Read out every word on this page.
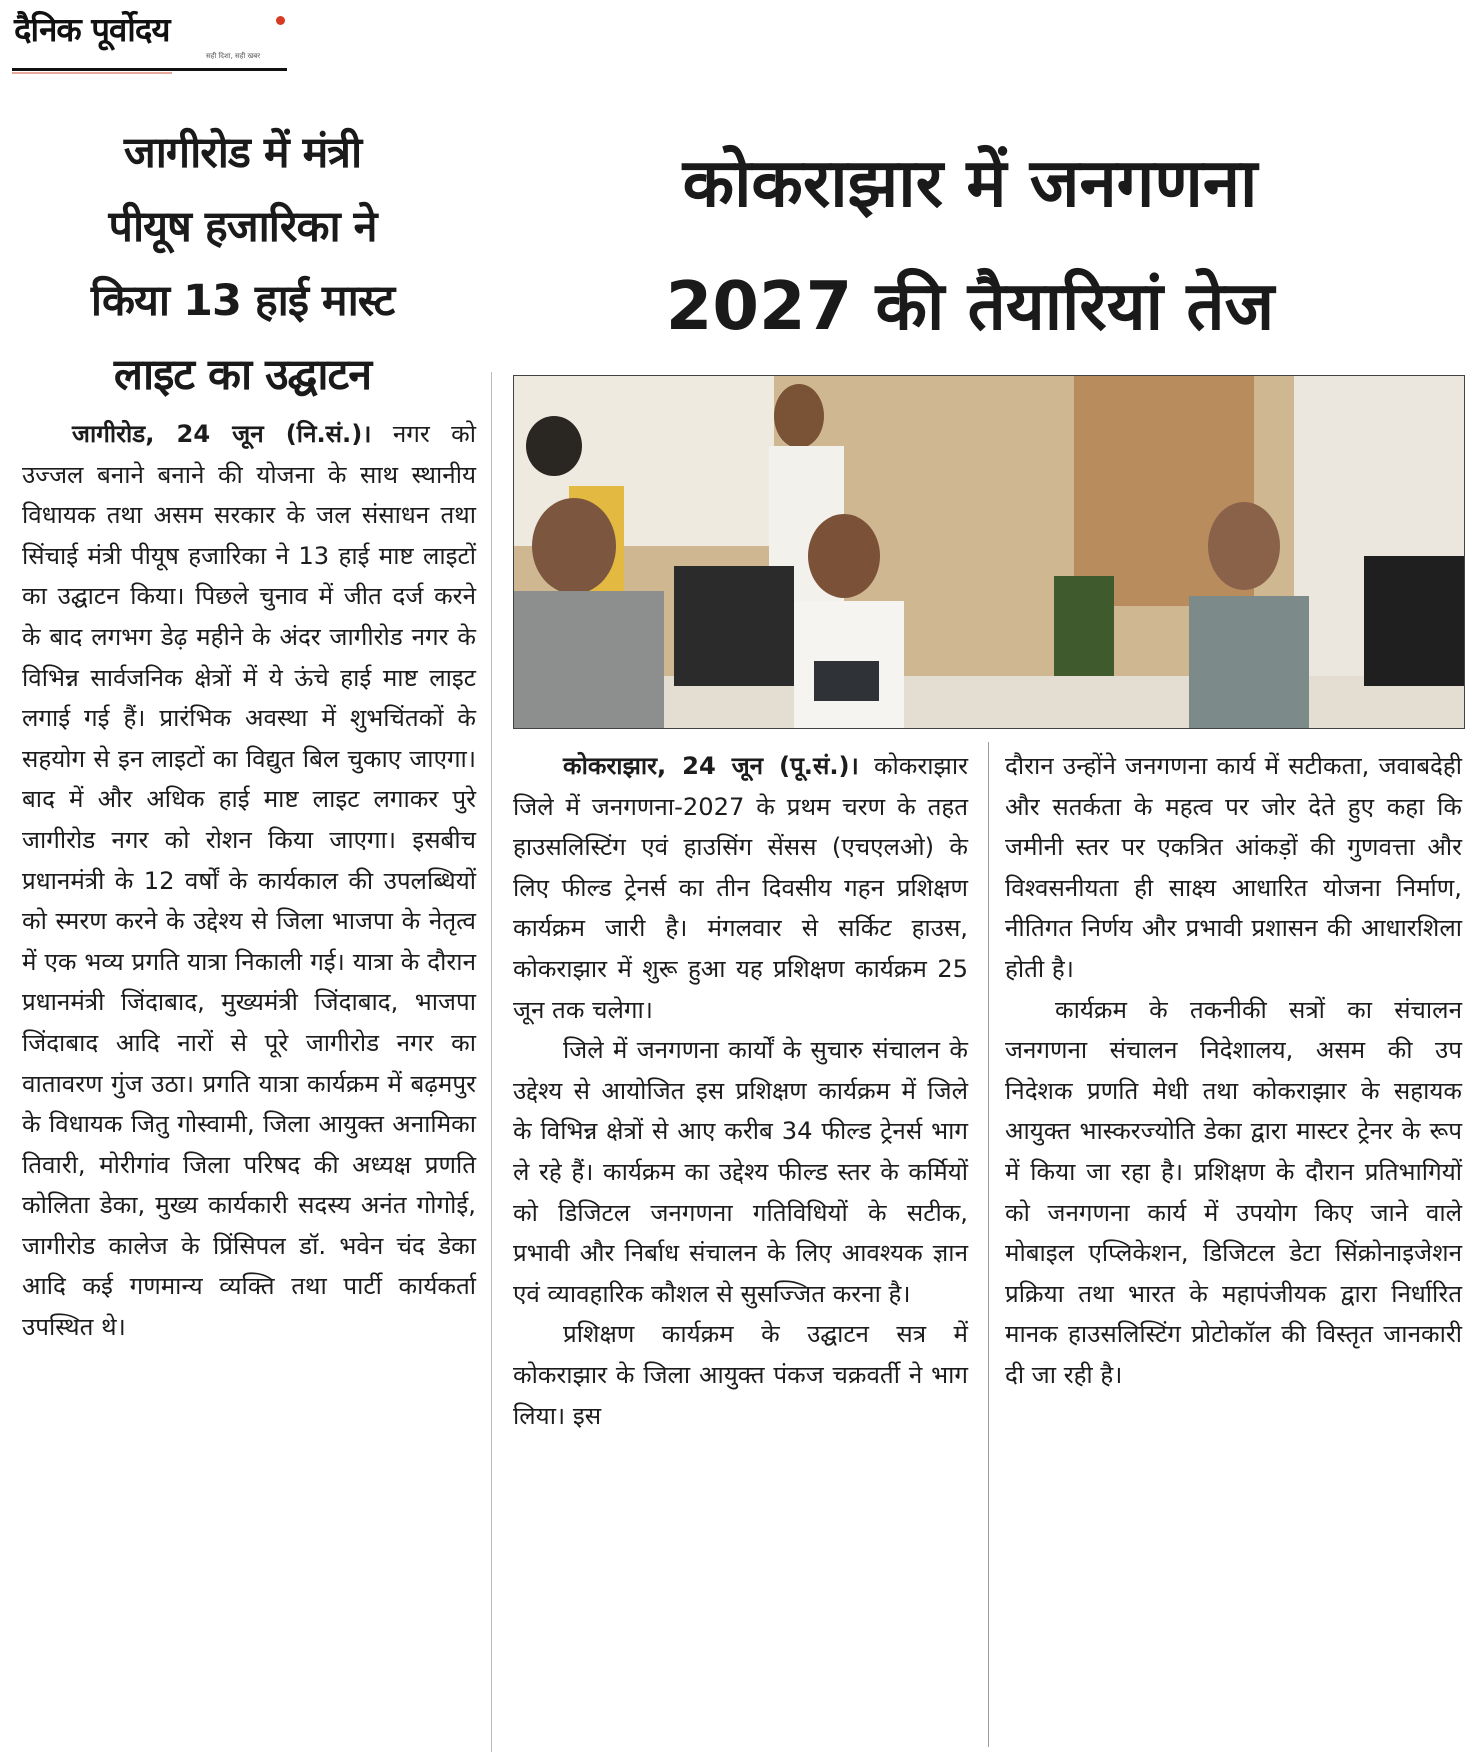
दैनिक पूर्वोदय
सही दिशा, सही खबर
जागीरोड में मंत्री
पीयूष हजारिका ने
किया 13 हाई मास्ट
लाइट का उद्घाटन
कोकराझार में जनगणना
2027 की तैयारियां तेज

जागीरोड, 24 जून (नि.सं.)। नगर को उज्जल बनाने बनाने की योजना के साथ स्थानीय विधायक तथा असम सरकार के जल संसाधन तथा सिंचाई मंत्री पीयूष हजारिका ने 13 हाई माष्ट लाइटों का उद्घाटन किया। पिछले चुनाव में जीत दर्ज करने के बाद लगभग डेढ़ महीने के अंदर जागीरोड नगर के विभिन्न सार्वजनिक क्षेत्रों में ये ऊंचे हाई माष्ट लाइट लगाई गई हैं। प्रारंभिक अवस्था में शुभचिंतकों के सहयोग से इन लाइटों का विद्युत बिल चुकाए जाएगा। बाद में और अधिक हाई माष्ट लाइट लगाकर पुरे जागीरोड नगर को रोशन किया जाएगा। इसबीच प्रधानमंत्री के 12 वर्षों के कार्यकाल की उपलब्धियों को स्मरण करने के उद्देश्य से जिला भाजपा के नेतृत्व में एक भव्य प्रगति यात्रा निकाली गई। यात्रा के दौरान प्रधानमंत्री जिंदाबाद, मुख्यमंत्री जिंदाबाद, भाजपा जिंदाबाद आदि नारों से पूरे जागीरोड नगर का वातावरण गुंज उठा। प्रगति यात्रा कार्यक्रम में बढ़मपुर के विधायक जितु गोस्वामी, जिला आयुक्त अनामिका तिवारी, मोरीगांव जिला परिषद की अध्यक्ष प्रणति कोलिता डेका, मुख्य कार्यकारी सदस्य अनंत गोगोई, जागीरोड कालेज के प्रिंसिपल डॉ. भवेन चंद डेका आदि कई गणमान्य व्यक्ति तथा पार्टी कार्यकर्ता उपस्थित थे।

कोकराझार, 24 जून (पू.सं.)। कोकराझार जिले में जनगणना-2027 के प्रथम चरण के तहत हाउसलिस्टिंग एवं हाउसिंग सेंसस (एचएलओ) के लिए फील्ड ट्रेनर्स का तीन दिवसीय गहन प्रशिक्षण कार्यक्रम जारी है। मंगलवार से सर्किट हाउस, कोकराझार में शुरू हुआ यह प्रशिक्षण कार्यक्रम 25 जून तक चलेगा।

जिले में जनगणना कार्यों के सुचारु संचालन के उद्देश्य से आयोजित इस प्रशिक्षण कार्यक्रम में जिले के विभिन्न क्षेत्रों से आए करीब 34 फील्ड ट्रेनर्स भाग ले रहे हैं। कार्यक्रम का उद्देश्य फील्ड स्तर के कर्मियों को डिजिटल जनगणना गतिविधियों के सटीक, प्रभावी और निर्बाध संचालन के लिए आवश्यक ज्ञान एवं व्यावहारिक कौशल से सुसज्जित करना है।

प्रशिक्षण कार्यक्रम के उद्घाटन सत्र में कोकराझार के जिला आयुक्त पंकज चक्रवर्ती ने भाग लिया। इस

दौरान उन्होंने जनगणना कार्य में सटीकता, जवाबदेही और सतर्कता के महत्व पर जोर देते हुए कहा कि जमीनी स्तर पर एकत्रित आंकड़ों की गुणवत्ता और विश्वसनीयता ही साक्ष्य आधारित योजना निर्माण, नीतिगत निर्णय और प्रभावी प्रशासन की आधारशिला होती है।

कार्यक्रम के तकनीकी सत्रों का संचालन जनगणना संचालन निदेशालय, असम की उप निदेशक प्रणति मेधी तथा कोकराझार के सहायक आयुक्त भास्करज्योति डेका द्वारा मास्टर ट्रेनर के रूप में किया जा रहा है। प्रशिक्षण के दौरान प्रतिभागियों को जनगणना कार्य में उपयोग किए जाने वाले मोबाइल एप्लिकेशन, डिजिटल डेटा सिंक्रोनाइजेशन प्रक्रिया तथा भारत के महापंजीयक द्वारा निर्धारित मानक हाउसलिस्टिंग प्रोटोकॉल की विस्तृत जानकारी दी जा रही है।
